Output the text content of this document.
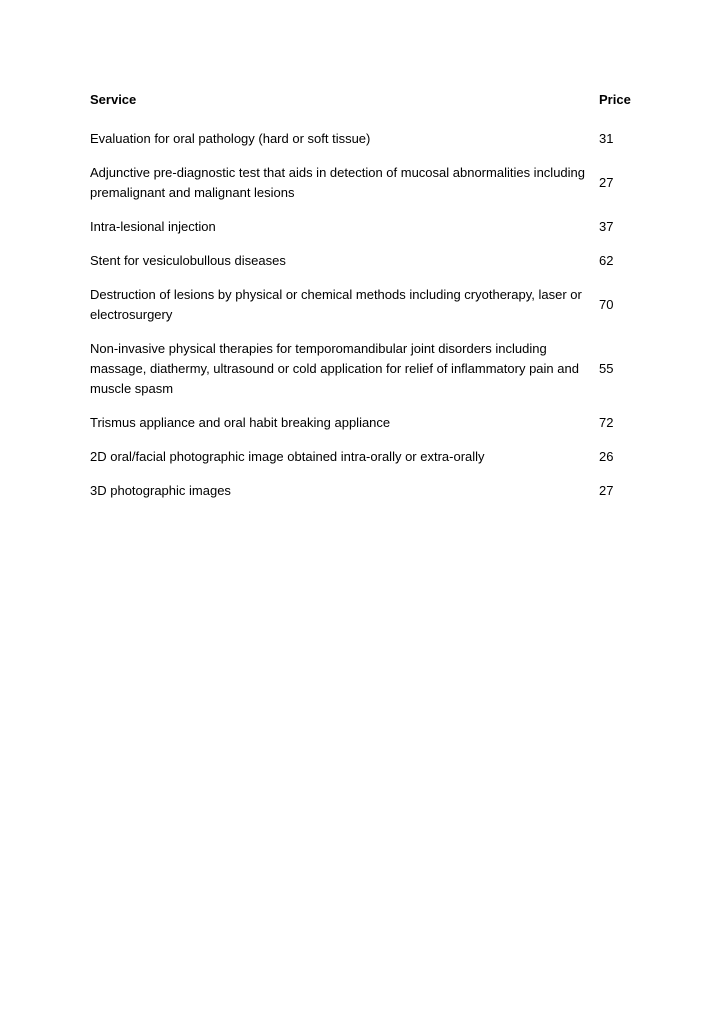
Service	Price
Evaluation for oral pathology (hard or soft tissue)	31
Adjunctive pre-diagnostic test that aids in detection of mucosal abnormalities including premalignant and malignant lesions	27
Intra-lesional injection	37
Stent for vesiculobullous diseases	62
Destruction of lesions by physical or chemical methods including cryotherapy, laser or electrosurgery	70
Non-invasive physical therapies for temporomandibular joint disorders including massage, diathermy, ultrasound or cold application for relief of inflammatory pain and muscle spasm	55
Trismus appliance and oral habit breaking appliance	72
2D oral/facial photographic image obtained intra-orally or extra-orally	26
3D photographic images	27
